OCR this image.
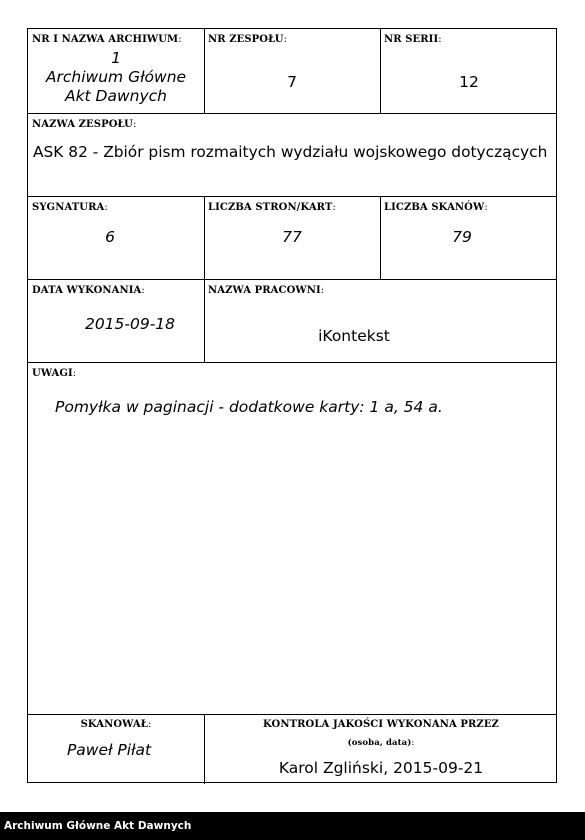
NR I NAZWA ARCHIWUM:
1
Archiwum Główne
Akt Dawnych
NR ZESPOŁU:
7
NR SERII:
12
NAZWA ZESPOŁU:
ASK 82 - Zbiór pism rozmaitych wydziału wojskowego dotyczących
SYGNATURA:
6
LICZBA STRON/KART:
77
LICZBA SKANÓW:
79
DATA WYKONANIA:
2015-09-18
NAZWA PRACOWNI:
iKontekst
UWAGI:
Pomyłka w paginacji - dodatkowe karty: 1 a, 54 a.
SKANOWAŁ:
Paweł Piłat
KONTROLA JAKOŚCI WYKONANA PRZEZ
(osoba, data):
Karol Zgliński, 2015-09-21
Archiwum Główne Akt Dawnych
